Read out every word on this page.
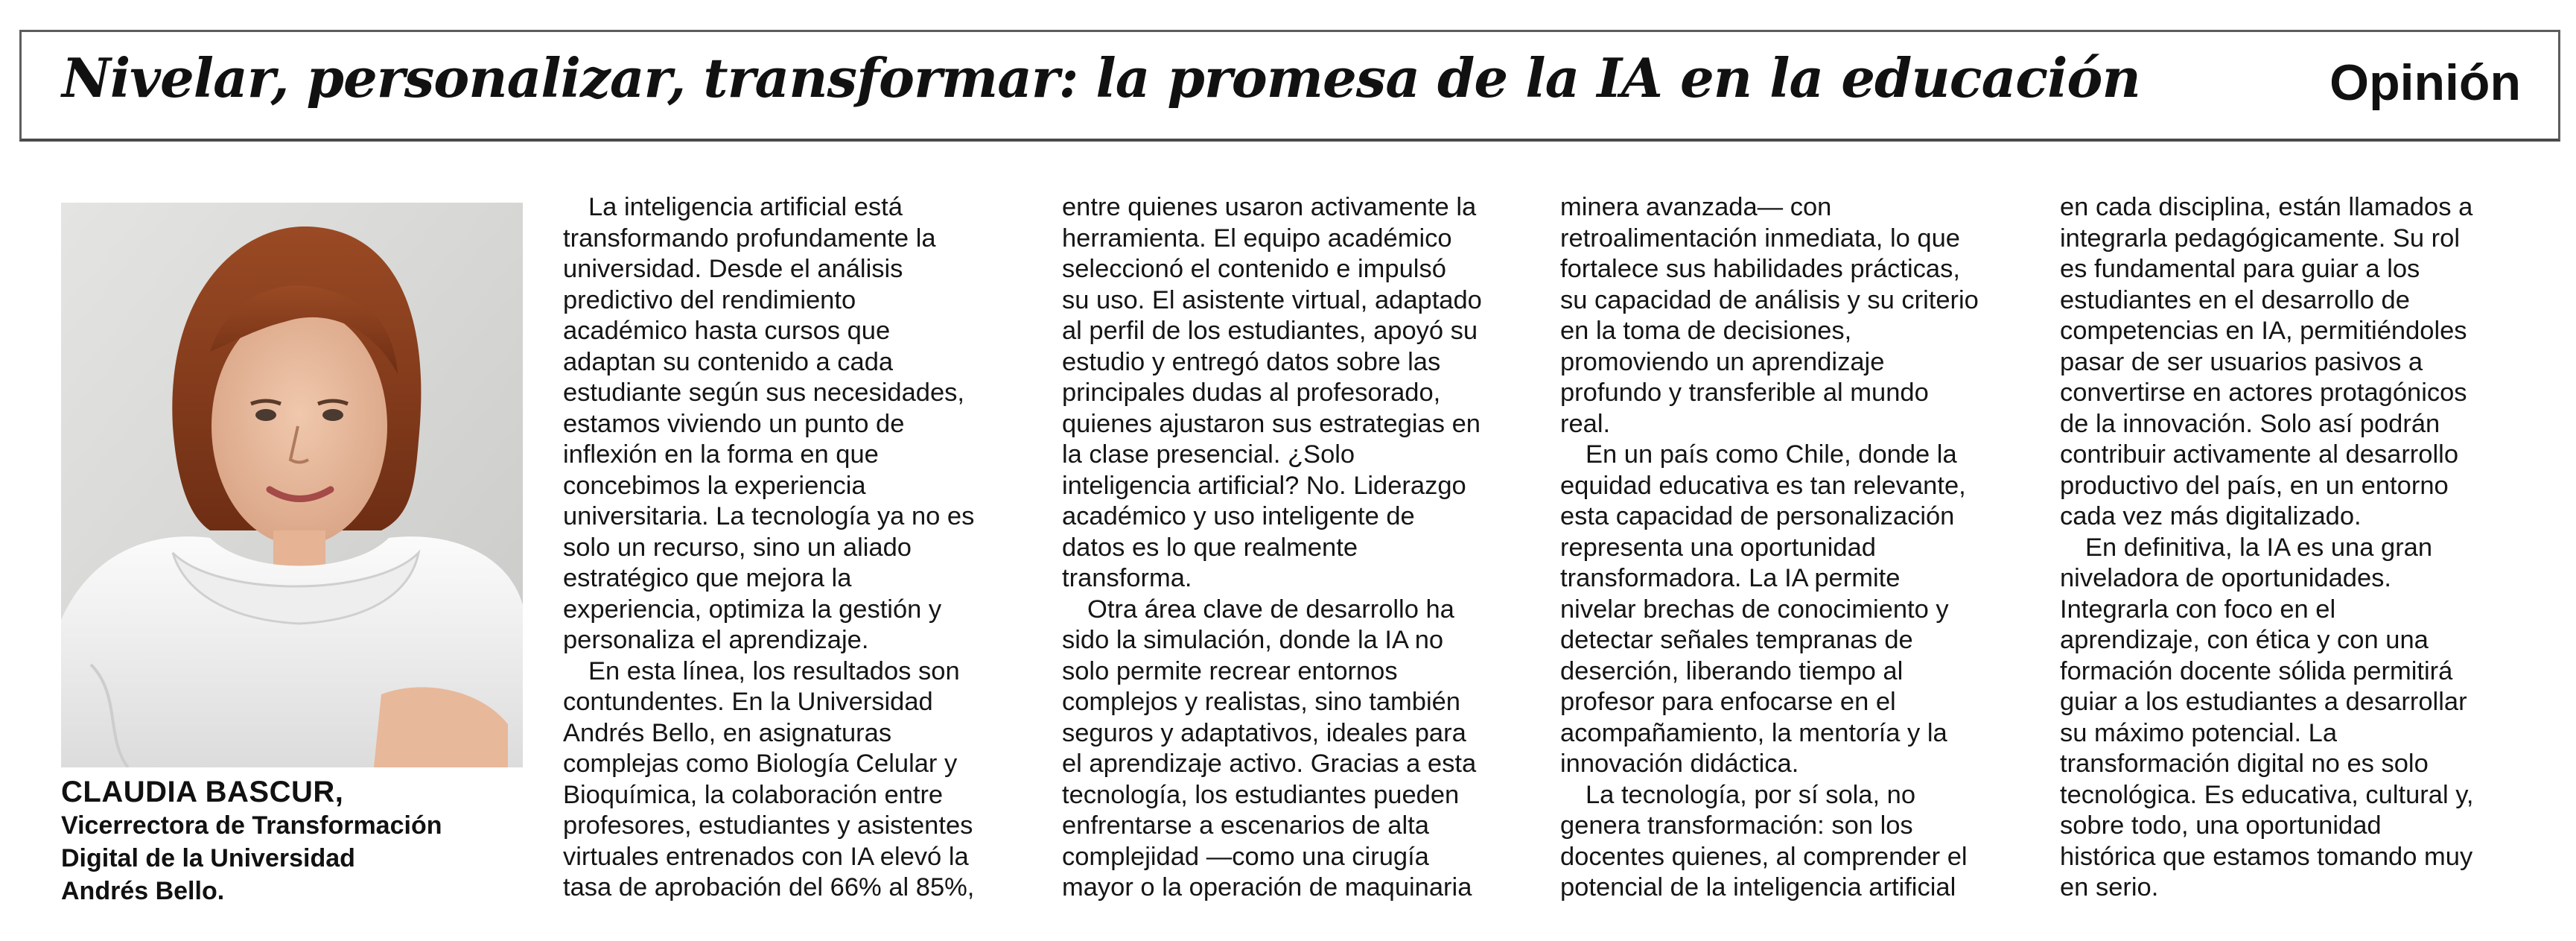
Nivelar, personalizar, transformar: la promesa de la IA en la educación	Opinión
CLAUDIA BASCUR,
Vicerrectora de Transformación
Digital de la Universidad
Andrés Bello.
La inteligencia artificial está
transformando profundamente la
universidad. Desde el análisis
predictivo del rendimiento
académico hasta cursos que
adaptan su contenido a cada
estudiante según sus necesidades,
estamos viviendo un punto de
inflexión en la forma en que
concebimos la experiencia
universitaria. La tecnología ya no es
solo un recurso, sino un aliado
estratégico que mejora la
experiencia, optimiza la gestión y
personaliza el aprendizaje.
En esta línea, los resultados son
contundentes. En la Universidad
Andrés Bello, en asignaturas
complejas como Biología Celular y
Bioquímica, la colaboración entre
profesores, estudiantes y asistentes
virtuales entrenados con IA elevó la
tasa de aprobación del 66% al 85%,
entre quienes usaron activamente la
herramienta. El equipo académico
seleccionó el contenido e impulsó
su uso. El asistente virtual, adaptado
al perfil de los estudiantes, apoyó su
estudio y entregó datos sobre las
principales dudas al profesorado,
quienes ajustaron sus estrategias en
la clase presencial. ¿Solo
inteligencia artificial? No. Liderazgo
académico y uso inteligente de
datos es lo que realmente
transforma.
Otra área clave de desarrollo ha
sido la simulación, donde la IA no
solo permite recrear entornos
complejos y realistas, sino también
seguros y adaptativos, ideales para
el aprendizaje activo. Gracias a esta
tecnología, los estudiantes pueden
enfrentarse a escenarios de alta
complejidad —como una cirugía
mayor o la operación de maquinaria
minera avanzada— con
retroalimentación inmediata, lo que
fortalece sus habilidades prácticas,
su capacidad de análisis y su criterio
en la toma de decisiones,
promoviendo un aprendizaje
profundo y transferible al mundo
real.
En un país como Chile, donde la
equidad educativa es tan relevante,
esta capacidad de personalización
representa una oportunidad
transformadora. La IA permite
nivelar brechas de conocimiento y
detectar señales tempranas de
deserción, liberando tiempo al
profesor para enfocarse en el
acompañamiento, la mentoría y la
innovación didáctica.
La tecnología, por sí sola, no
genera transformación: son los
docentes quienes, al comprender el
potencial de la inteligencia artificial
en cada disciplina, están llamados a
integrarla pedagógicamente. Su rol
es fundamental para guiar a los
estudiantes en el desarrollo de
competencias en IA, permitiéndoles
pasar de ser usuarios pasivos a
convertirse en actores protagónicos
de la innovación. Solo así podrán
contribuir activamente al desarrollo
productivo del país, en un entorno
cada vez más digitalizado.
En definitiva, la IA es una gran
niveladora de oportunidades.
Integrarla con foco en el
aprendizaje, con ética y con una
formación docente sólida permitirá
guiar a los estudiantes a desarrollar
su máximo potencial. La
transformación digital no es solo
tecnológica. Es educativa, cultural y,
sobre todo, una oportunidad
histórica que estamos tomando muy
en serio.
